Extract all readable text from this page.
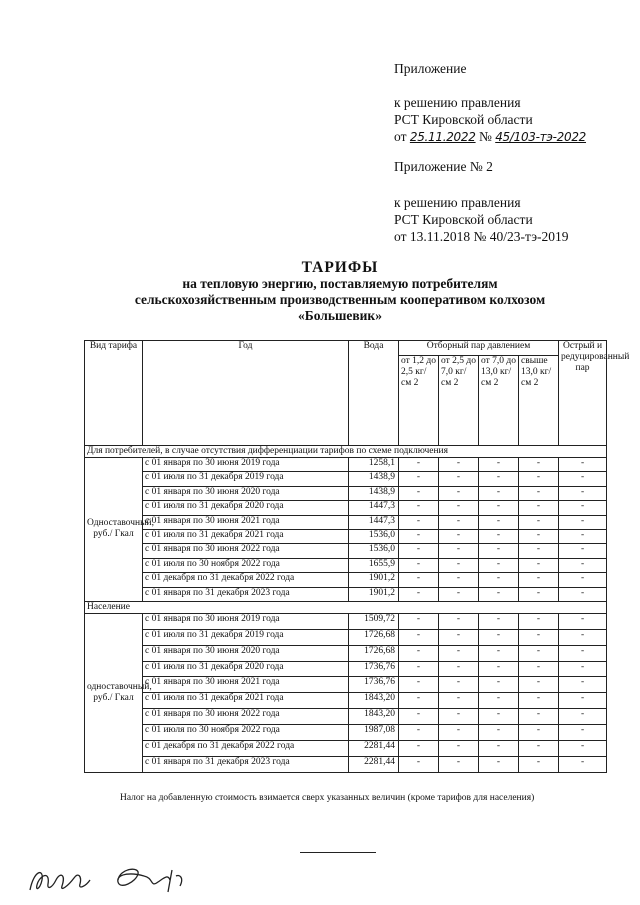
Приложение
к решению правления
РСТ Кировской области
от 25.11.2022 № 45/103-тэ-2022
Приложение № 2
к решению правления
РСТ Кировской области
от 13.11.2018 № 40/23-тэ-2019
ТАРИФЫ
на тепловую энергию, поставляемую потребителям
сельскохозяйственным производственным кооперативом колхозом
«Большевик»
Вид тарифа	Год	Вода	Отборный пар давлением				Острый и редуцированный пар
			от 1,2 до 2,5 кг/см 2	от 2,5 до 7,0 кг/см 2	от 7,0 до 13,0 кг/см 2	свыше 13,0 кг/см 2	
Для потребителей, в случае отсутствия дифференциации тарифов по схеме подключения							
Одноставочный, руб./ Гкал	с 01 января по 30 июня 2019 года	1258,1	-	-	-	-	-
	с 01 июля по 31 декабря 2019 года	1438,9	-	-	-	-	-
	с 01 января по 30 июня 2020 года	1438,9	-	-	-	-	-
	с 01 июля по 31 декабря 2020 года	1447,3	-	-	-	-	-
	с 01 января по 30 июня 2021 года	1447,3	-	-	-	-	-
	с 01 июля по 31 декабря 2021 года	1536,0	-	-	-	-	-
	с 01 января по 30 июня 2022 года	1536,0	-	-	-	-	-
	с 01 июля по 30 ноября 2022 года	1655,9	-	-	-	-	-
	с 01 декабря по 31 декабря 2022 года	1901,2	-	-	-	-	-
	с 01 января по 31 декабря 2023 года	1901,2	-	-	-	-	-
Население							
одноставочный, руб./ Гкал	с 01 января по 30 июня 2019 года	1509,72	-	-	-	-	-
	с 01 июля по 31 декабря 2019 года	1726,68	-	-	-	-	-
	с 01 января по 30 июня 2020 года	1726,68	-	-	-	-	-
	с 01 июля по 31 декабря 2020 года	1736,76	-	-	-	-	-
	с 01 января по 30 июня 2021 года	1736,76	-	-	-	-	-
	с 01 июля по 31 декабря 2021 года	1843,20	-	-	-	-	-
	с 01 января по 30 июня 2022 года	1843,20	-	-	-	-	-
	с 01 июля по 30 ноября 2022 года	1987,08	-	-	-	-	-
	с 01 декабря по 31 декабря 2022 года	2281,44	-	-	-	-	-
	с 01 января по 31 декабря 2023 года	2281,44	-	-	-	-	-
Налог на добавленную стоимость взимается сверх указанных величин (кроме тарифов для населения)
